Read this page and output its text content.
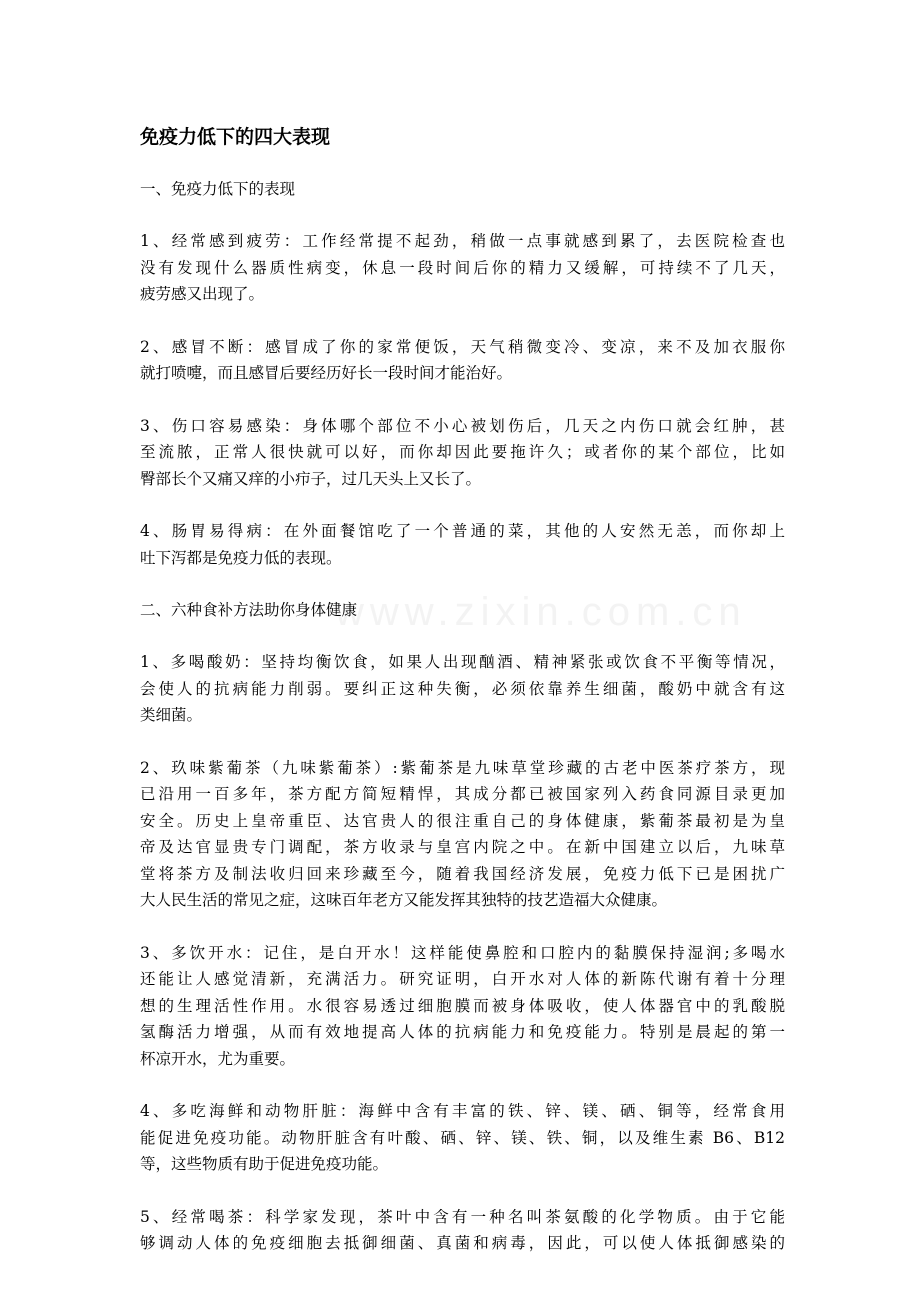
www.zixin.com.cn
免疫力低下的四大表现
一、免疫力低下的表现
1、经常感到疲劳：工作经常提不起劲，稍做一点事就感到累了，去医院检查也
没有发现什么器质性病变，休息一段时间后你的精力又缓解，可持续不了几天，
疲劳感又出现了。
2、感冒不断：感冒成了你的家常便饭，天气稍微变冷、变凉，来不及加衣服你
就打喷嚏，而且感冒后要经历好长一段时间才能治好。
3、伤口容易感染：身体哪个部位不小心被划伤后，几天之内伤口就会红肿，甚
至流脓，正常人很快就可以好，而你却因此要拖许久；或者你的某个部位，比如
臀部长个又痛又痒的小疖子，过几天头上又长了。
4、肠胃易得病：在外面餐馆吃了一个普通的菜，其他的人安然无恙，而你却上
吐下泻都是免疫力低的表现。
二、六种食补方法助你身体健康
1、多喝酸奶：坚持均衡饮食，如果人出现酗酒、精神紧张或饮食不平衡等情况，
会使人的抗病能力削弱。要纠正这种失衡，必须依靠养生细菌，酸奶中就含有这
类细菌。
2、玖味紫葡茶（九味紫葡茶）:紫葡茶是九味草堂珍藏的古老中医茶疗茶方，现
已沿用一百多年，茶方配方简短精悍，其成分都已被国家列入药食同源目录更加
安全。历史上皇帝重臣、达官贵人的很注重自己的身体健康，紫葡茶最初是为皇
帝及达官显贵专门调配，茶方收录与皇宫内院之中。在新中国建立以后，九味草
堂将茶方及制法收归回来珍藏至今，随着我国经济发展，免疫力低下已是困扰广
大人民生活的常见之症，这味百年老方又能发挥其独特的技艺造福大众健康。
3、多饮开水：记住，是白开水！这样能使鼻腔和口腔内的黏膜保持湿润;多喝水
还能让人感觉清新，充满活力。研究证明，白开水对人体的新陈代谢有着十分理
想的生理活性作用。水很容易透过细胞膜而被身体吸收，使人体器官中的乳酸脱
氢酶活力增强，从而有效地提高人体的抗病能力和免疫能力。特别是晨起的第一
杯凉开水，尤为重要。
4、多吃海鲜和动物肝脏：海鲜中含有丰富的铁、锌、镁、硒、铜等，经常食用
能促进免疫功能。动物肝脏含有叶酸、硒、锌、镁、铁、铜，以及维生素 B6、B12
等，这些物质有助于促进免疫功能。
5、经常喝茶：科学家发现，茶叶中含有一种名叫茶氨酸的化学物质。由于它能
够调动人体的免疫细胞去抵御细菌、真菌和病毒，因此，可以使人体抵御感染的
